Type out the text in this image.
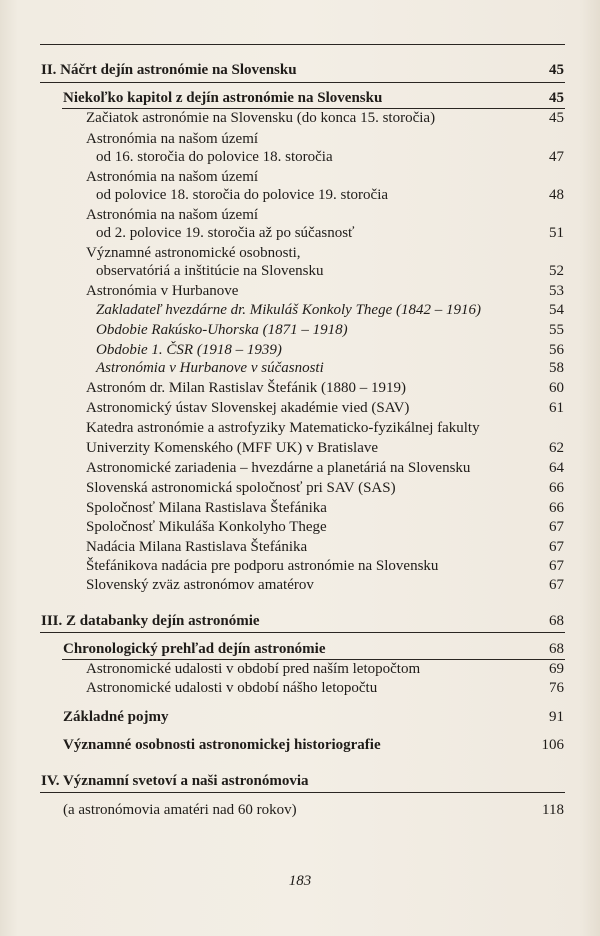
II. Náčrt dejín astronómie na Slovensku	45
Niekoľko kapitol z dejín astronómie na Slovensku	45
Začiatok astronómie na Slovensku (do konca 15. storočia)	45
Astronómia na našom území
od 16. storočia do polovice 18. storočia	47
Astronómia na našom území
od polovice 18. storočia do polovice 19. storočia	48
Astronómia na našom území
od 2. polovice 19. storočia až po súčasnosť	51
Významné astronomické osobnosti,
observatóriá a inštitúcie na Slovensku	52
Astronómia v Hurbanove	53
Zakladateľ hvezdárne dr. Mikuláš Konkoly Thege (1842 – 1916)	54
Obdobie Rakúsko-Uhorska (1871 – 1918)	55
Obdobie 1. ČSR (1918 – 1939)	56
Astronómia v Hurbanove v súčasnosti	58
Astronóm dr. Milan Rastislav Štefánik (1880 – 1919)	60
Astronomický ústav Slovenskej akadémie vied (SAV)	61
Katedra astronómie a astrofyziky Matematicko-fyzikálnej fakulty
Univerzity Komenského (MFF UK) v Bratislave	62
Astronomické zariadenia – hvezdárne a planetáriá na Slovensku	64
Slovenská astronomická spoločnosť pri SAV (SAS)	66
Spoločnosť Milana Rastislava Štefánika	66
Spoločnosť Mikuláša Konkolyho Thege	67
Nadácia Milana Rastislava Štefánika	67
Štefánikova nadácia pre podporu astronómie na Slovensku	67
Slovenský zväz astronómov amatérov	67
III. Z databanky dejín astronómie	68
Chronologický prehľad dejín astronómie	68
Astronomické udalosti v období pred naším letopočtom	69
Astronomické udalosti v období nášho letopočtu	76
Základné pojmy	91
Významné osobnosti astronomickej historiografie	106
IV. Významní svetoví a naši astronómovia
(a astronómovia amatéri nad 60 rokov)	118
183
